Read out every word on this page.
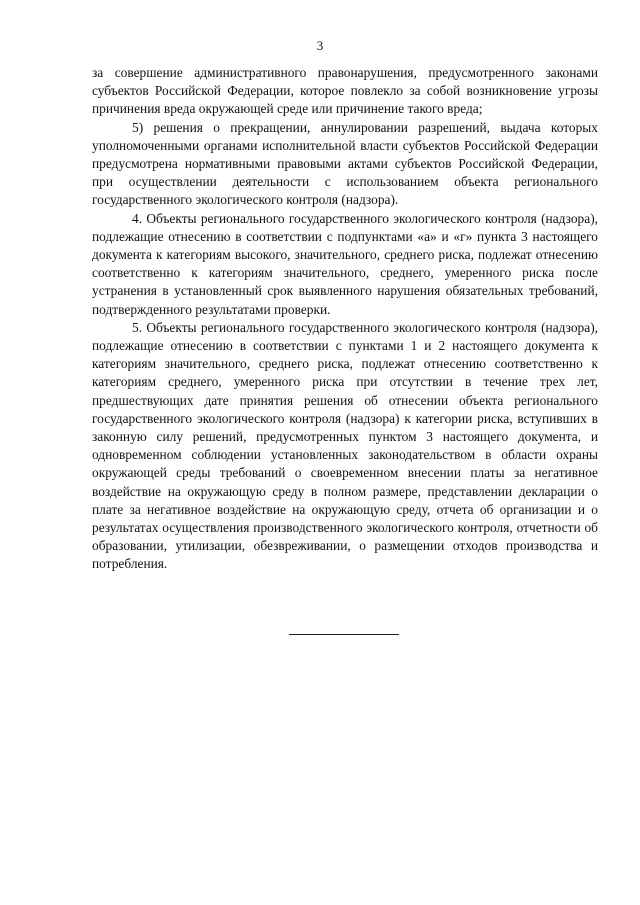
3

за совершение административного правонарушения, предусмотренного законами субъектов Российской Федерации, которое повлекло за собой возникновение угрозы причинения вреда окружающей среде или причинение такого вреда;

5) решения о прекращении, аннулировании разрешений, выдача которых уполномоченными органами исполнительной власти субъектов Российской Федерации предусмотрена нормативными правовыми актами субъектов Российской Федерации, при осуществлении деятельности с использованием объекта регионального государственного экологического контроля (надзора).

4. Объекты регионального государственного экологического контроля (надзора), подлежащие отнесению в соответствии с подпунктами «а» и «г» пункта 3 настоящего документа к категориям высокого, значительного, среднего риска, подлежат отнесению соответственно к категориям значительного, среднего, умеренного риска после устранения в установленный срок выявленного нарушения обязательных требований, подтвержденного результатами проверки.

5. Объекты регионального государственного экологического контроля (надзора), подлежащие отнесению в соответствии с пунктами 1 и 2 настоящего документа к категориям значительного, среднего риска, подлежат отнесению соответственно к категориям среднего, умеренного риска при отсутствии в течение трех лет, предшествующих дате принятия решения об отнесении объекта регионального государственного экологического контроля (надзора) к категории риска, вступивших в законную силу решений, предусмотренных пунктом 3 настоящего документа, и одновременном соблюдении установленных законодательством в области охраны окружающей среды требований о своевременном внесении платы за негативное воздействие на окружающую среду в полном размере, представлении декларации о плате за негативное воздействие на окружающую среду, отчета об организации и о результатах осуществления производственного экологического контроля, отчетности об образовании, утилизации, обезвреживании, о размещении отходов производства и потребления.
